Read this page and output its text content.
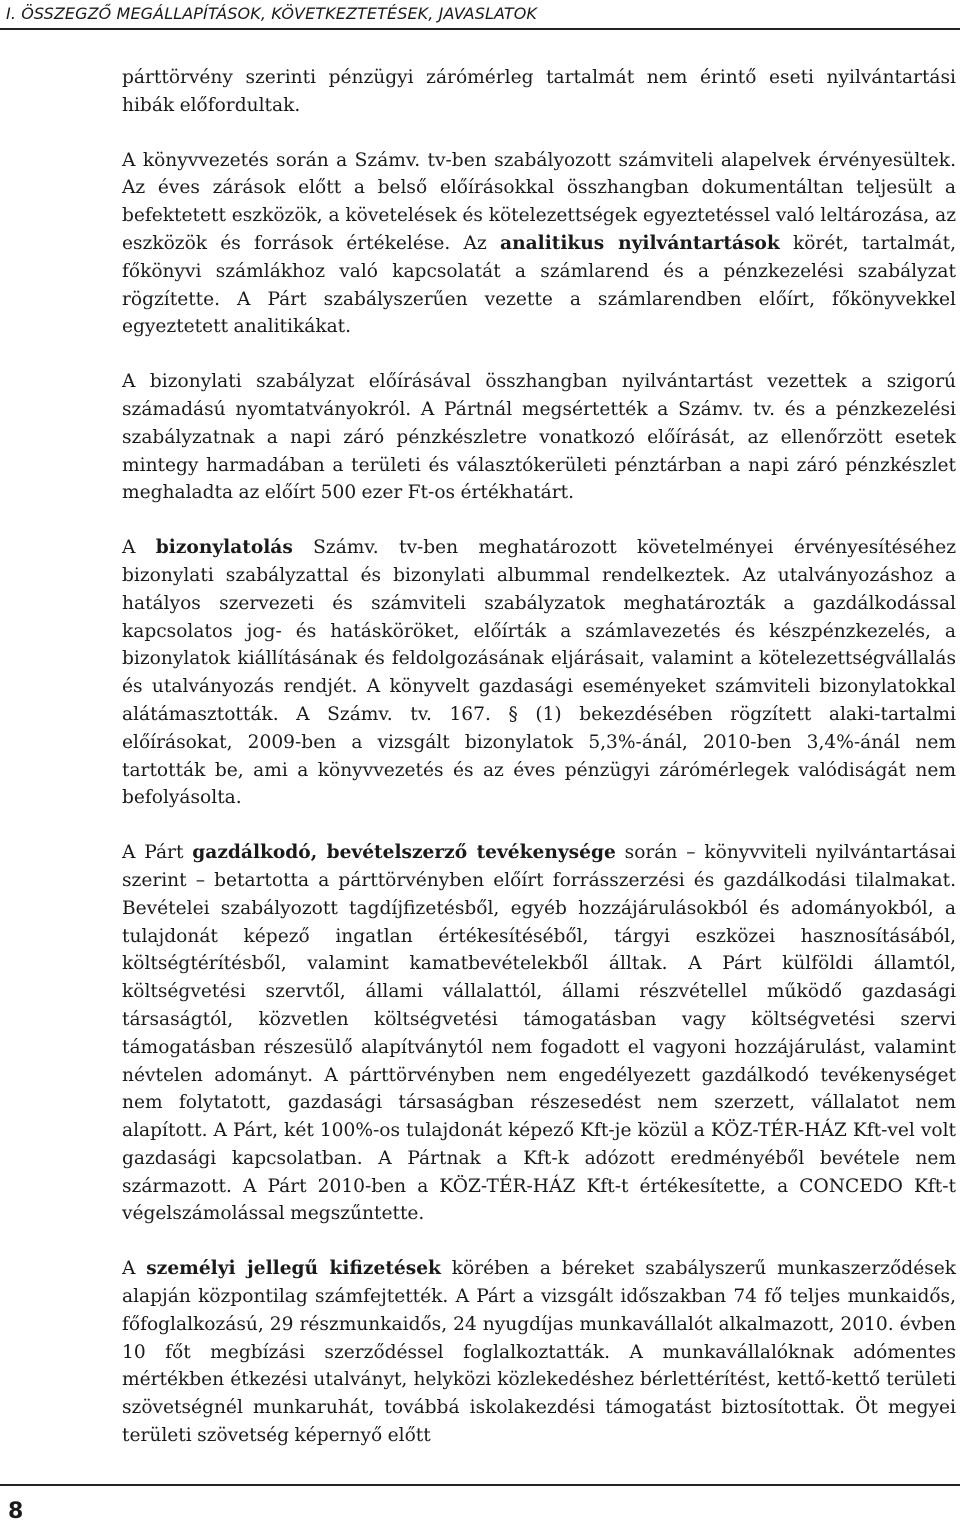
I. ÖSSZEGZŐ MEGÁLLAPÍTÁSOK, KÖVETKEZTETÉSEK, JAVASLATOK

párttörvény szerinti pénzügyi zárómérleg tartalmát nem érintő eseti nyilvántartási hibák előfordultak.

A könyvvezetés során a Számv. tv-ben szabályozott számviteli alapelvek érvényesültek. Az éves zárások előtt a belső előírásokkal összhangban dokumentáltan teljesült a befektetett eszközök, a követelések és kötelezettségek egyeztetéssel való leltározása, az eszközök és források értékelése. Az analitikus nyilvántartások körét, tartalmát, főkönyvi számlákhoz való kapcsolatát a számlarend és a pénzkezelési szabályzat rögzítette. A Párt szabályszerűen vezette a számlarendben előírt, főkönyvekkel egyeztetett analitikákat.

A bizonylati szabályzat előírásával összhangban nyilvántartást vezettek a szigorú számadású nyomtatványokról. A Pártnál megsértették a Számv. tv. és a pénzkezelési szabályzatnak a napi záró pénzkészletre vonatkozó előírását, az ellenőrzött esetek mintegy harmadában a területi és választókerületi pénztárban a napi záró pénzkészlet meghaladta az előírt 500 ezer Ft-os értékhatárt.

A bizonylatolás Számv. tv-ben meghatározott követelményei érvényesítéséhez bizonylati szabályzattal és bizonylati albummal rendelkeztek. Az utalványozáshoz a hatályos szervezeti és számviteli szabályzatok meghatározták a gazdálkodással kapcsolatos jog- és hatásköröket, előírták a számlavezetés és készpénzkezelés, a bizonylatok kiállításának és feldolgozásának eljárásait, valamint a kötelezettségvállalás és utalványozás rendjét. A könyvelt gazdasági eseményeket számviteli bizonylatokkal alátámasztották. A Számv. tv. 167. § (1) bekezdésében rögzített alaki-tartalmi előírásokat, 2009-ben a vizsgált bizonylatok 5,3%-ánál, 2010-ben 3,4%-ánál nem tartották be, ami a könyvvezetés és az éves pénzügyi zárómérlegek valódiságát nem befolyásolta.

A Párt gazdálkodó, bevételszerző tevékenysége során – könyvviteli nyilvántartásai szerint – betartotta a párttörvényben előírt forrásszerzési és gazdálkodási tilalmakat. Bevételei szabályozott tagdíjfizetésből, egyéb hozzájárulásokból és adományokból, a tulajdonát képező ingatlan értékesítéséből, tárgyi eszközei hasznosításából, költségtérítésből, valamint kamatbevételekből álltak. A Párt külföldi államtól, költségvetési szervtől, állami vállalattól, állami részvétellel működő gazdasági társaságtól, közvetlen költségvetési támogatásban vagy költségvetési szervi támogatásban részesülő alapítványtól nem fogadott el vagyoni hozzájárulást, valamint névtelen adományt. A párttörvényben nem engedélyezett gazdálkodó tevékenységet nem folytatott, gazdasági társaságban részesedést nem szerzett, vállalatot nem alapított. A Párt, két 100%-os tulajdonát képező Kft-je közül a KÖZ-TÉR-HÁZ Kft-vel volt gazdasági kapcsolatban. A Pártnak a Kft-k adózott eredményéből bevétele nem származott. A Párt 2010-ben a KÖZ-TÉR-HÁZ Kft-t értékesítette, a CONCEDO Kft-t végelszámolással megszűntette.

A személyi jellegű kifizetések körében a béreket szabályszerű munkaszerződések alapján központilag számfejtették. A Párt a vizsgált időszakban 74 fő teljes munkaidős, főfoglalkozású, 29 részmunkaidős, 24 nyugdíjas munkavállalót alkalmazott, 2010. évben 10 főt megbízási szerződéssel foglalkoztatták. A munkavállalóknak adómentes mértékben étkezési utalványt, helyközi közlekedéshez bérlettérítést, kettő-kettő területi szövetségnél munkaruhát, továbbá iskolakezdési támogatást biztosítottak. Öt megyei területi szövetség képernyő előtt

8
